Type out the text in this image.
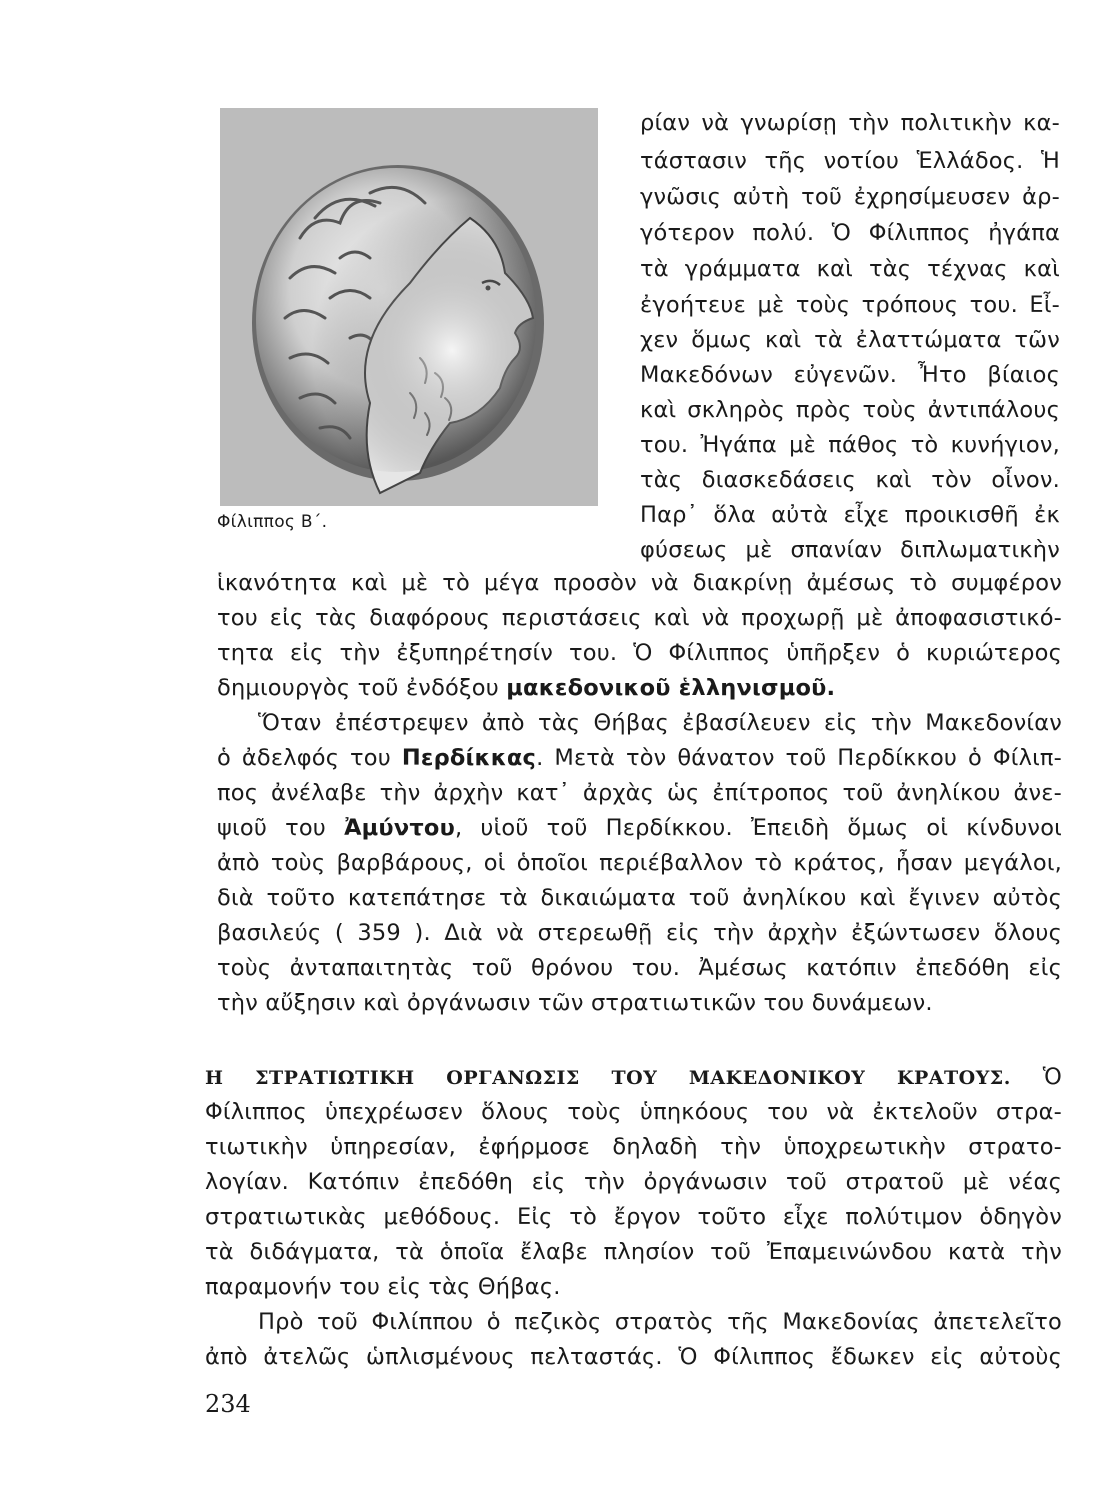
Φίλιππος Β΄.
ρίαν νὰ γνωρίσῃ τὴν πολιτικὴν κα-
τάστασιν τῆς νοτίου Ἑλλάδος. Ἡ
γνῶσις αὐτὴ τοῦ ἐχρησίμευσεν ἀρ-
γότερον πολύ. Ὁ Φίλιππος ἠγάπα
τὰ γράμματα καὶ τὰς τέχνας καὶ
ἐγοήτευε μὲ τοὺς τρόπους του. Εἶ-
χεν ὅμως καὶ τὰ ἐλαττώματα τῶν
Μακεδόνων εὐγενῶν. Ἦτο βίαιος
καὶ σκληρὸς πρὸς τοὺς ἀντιπάλους
του. Ἠγάπα μὲ πάθος τὸ κυνήγιον,
τὰς διασκεδάσεις καὶ τὸν οἶνον.
Παρ᾽ ὅλα αὐτὰ εἶχε προικισθῆ ἐκ
φύσεως μὲ σπανίαν διπλωματικὴν
ἱκανότητα καὶ μὲ τὸ μέγα προσὸν νὰ διακρίνῃ ἀμέσως τὸ συμφέρον
του εἰς τὰς διαφόρους περιστάσεις καὶ νὰ προχωρῇ μὲ ἀποφασιστικό-
τητα εἰς τὴν ἐξυπηρέτησίν του. Ὁ Φίλιππος ὑπῆρξεν ὁ κυριώτερος
δημιουργὸς τοῦ ἐνδόξου μακεδονικοῦ ἑλληνισμοῦ.
Ὅταν ἐπέστρεψεν ἀπὸ τὰς Θήβας ἐβασίλευεν εἰς τὴν Μακεδονίαν
ὁ ἀδελφός του Περδίκκας. Μετὰ τὸν θάνατον τοῦ Περδίκκου ὁ Φίλιπ-
πος ἀνέλαβε τὴν ἀρχὴν κατ᾽ ἀρχὰς ὡς ἐπίτροπος τοῦ ἀνηλίκου ἀνε-
ψιοῦ του Ἀμύντου, υἱοῦ τοῦ Περδίκκου. Ἐπειδὴ ὅμως οἱ κίνδυνοι
ἀπὸ τοὺς βαρβάρους, οἱ ὁποῖοι περιέβαλλον τὸ κράτος, ἦσαν μεγάλοι,
διὰ τοῦτο κατεπάτησε τὰ δικαιώματα τοῦ ἀνηλίκου καὶ ἔγινεν αὐτὸς
βασιλεύς ( 359 ). Διὰ νὰ στερεωθῇ εἰς τὴν ἀρχὴν ἐξώντωσεν ὅλους
τοὺς ἀνταπαιτητὰς τοῦ θρόνου του. Ἀμέσως κατόπιν ἐπεδόθη εἰς
τὴν αὔξησιν καὶ ὀργάνωσιν τῶν στρατιωτικῶν του δυνάμεων.
Η ΣΤΡΑΤΙΩΤΙΚΗ ΟΡΓΑΝΩΣΙΣ ΤΟΥ ΜΑΚΕΔΟΝΙΚΟΥ ΚΡΑΤΟΥΣ. Ὁ
Φίλιππος ὑπεχρέωσεν ὅλους τοὺς ὑπηκόους του νὰ ἐκτελοῦν στρα-
τιωτικὴν ὑπηρεσίαν, ἐφήρμοσε δηλαδὴ τὴν ὑποχρεωτικὴν στρατο-
λογίαν. Κατόπιν ἐπεδόθη εἰς τὴν ὀργάνωσιν τοῦ στρατοῦ μὲ νέας
στρατιωτικὰς μεθόδους. Εἰς τὸ ἔργον τοῦτο εἶχε πολύτιμον ὁδηγὸν
τὰ διδάγματα, τὰ ὁποῖα ἔλαβε πλησίον τοῦ Ἐπαμεινώνδου κατὰ τὴν
παραμονήν του εἰς τὰς Θήβας.
Πρὸ τοῦ Φιλίππου ὁ πεζικὸς στρατὸς τῆς Μακεδονίας ἀπετελεῖτο
ἀπὸ ἀτελῶς ὡπλισμένους πελταστάς. Ὁ Φίλιππος ἔδωκεν εἰς αὐτοὺς
234
